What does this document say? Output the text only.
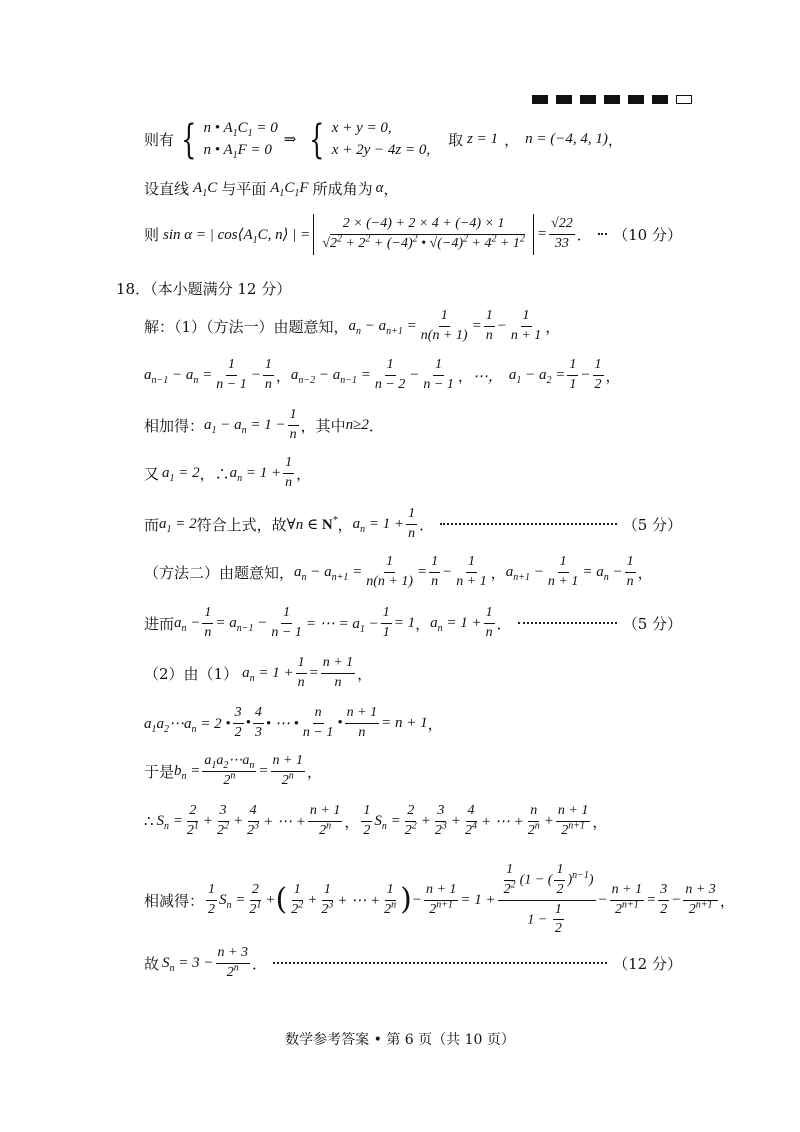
则有 { n • $A_1C_1 = 0$
n • $A_1F = 0$
⇒ { x + y = 0,
x + 2y − 4z = 0,
取 z = 1 ， n = (−4, 4, 1) ，
设直线 $A_1C$ 与平面 $A_1C_1F$ 所成角为 α ，
则 sin α = | $\cos⟨A_1C$, n⟩ | = $\frac{2 \times (-4) + 2 \times 4 + (-4) \times 1}{√2^2 + 2^2 + (-4)^2 • √(-4)^2 + 4^2 + 1^2} = \frac{√22}{33}$ ． （10 分）
18．（本小题满分 12 分）
解：（1）（方法一）由题意知， $a_n - a_{n+1} = \frac{1}{n(n + 1)} = \frac{1}{n} - \frac{1}{n + 1}$ ，
$a_{n-1} - a_n = \frac{1}{n - 1} - \frac{1}{n}$ ， $a_{n-2} - a_{n-1} = \frac{1}{n - 2} - \frac{1}{n - 1}$ ， ⋯， $a_1 - a_2 = \frac{1}{1} - \frac{1}{2}$ ，
相加得： $a_1 - a_n = 1 - \frac{1}{n}$ ，其中 n≥2 ．
又 $a_1 = 2$ ，∴ $a_n = 1 + \frac{1}{n}$ ，
而 $a_1 = 2$ 符合上式，故 ∀n ∈ N* ， $a_n = 1 + \frac{1}{n}$ ．	（5 分）
（方法二）由题意知， $a_n - a_{n+1} = \frac{1}{n(n + 1)} = \frac{1}{n} - \frac{1}{n + 1}$ ， $a_{n+1} - \frac{1}{n + 1} = a_n - \frac{1}{n}$ ，
进而 $a_n - \frac{1}{n} = a_{n-1} - \frac{1}{n - 1}$ = ⋯ = $a_1 - \frac{1}{1} = 1$ ， $a_n = 1 + \frac{1}{n}$ ．	（5 分）
（2）由（1） $a_n = 1 + \frac{1}{n} = \frac{n + 1}{n}$ ，
$a_1a_2\cdots a_n = 2$ • $\frac{3}{2}$ • $\frac{4}{3}$ • ⋯ • $\frac{n}{n - 1}$ • $\frac{n + 1}{n} = n + 1$ ，
于是 $b_n = \frac{a_1a_2\cdots a_n}{2^n} = \frac{n + 1}{2^n}$ ，
∴ $S_n = \frac{2}{2^1} + \frac{3}{2^2} + \frac{4}{2^3}$ + ⋯ + $\frac{n + 1}{2^n}$ ， $\frac{1}{2} S_n = \frac{2}{2^2} + \frac{3}{2^3} + \frac{4}{2^4}$ + ⋯ + $\frac{n}{2^n} + \frac{n + 1}{2^{n+1}}$ ，
相减得： $\frac{1}{2} S_n = \frac{2}{2^1}$ + ( $\frac{1}{2^2} + \frac{1}{2^3}$ + ⋯ + $\frac{1}{2^n}$ ) − $\frac{n + 1}{2^{n+1}} = 1 + \frac{\frac{1}{2^2} (1 - ( \frac{1}{2} )^{n-1})}{1 - \frac{1}{2}} - \frac{n + 1}{2^{n+1}} = \frac{3}{2} - \frac{n + 3}{2^{n+1}}$ ，
故 $S_n = 3 - \frac{n + 3}{2^n}$ ．	（12 分）
数学参考答案 • 第 6 页（共 10 页）
